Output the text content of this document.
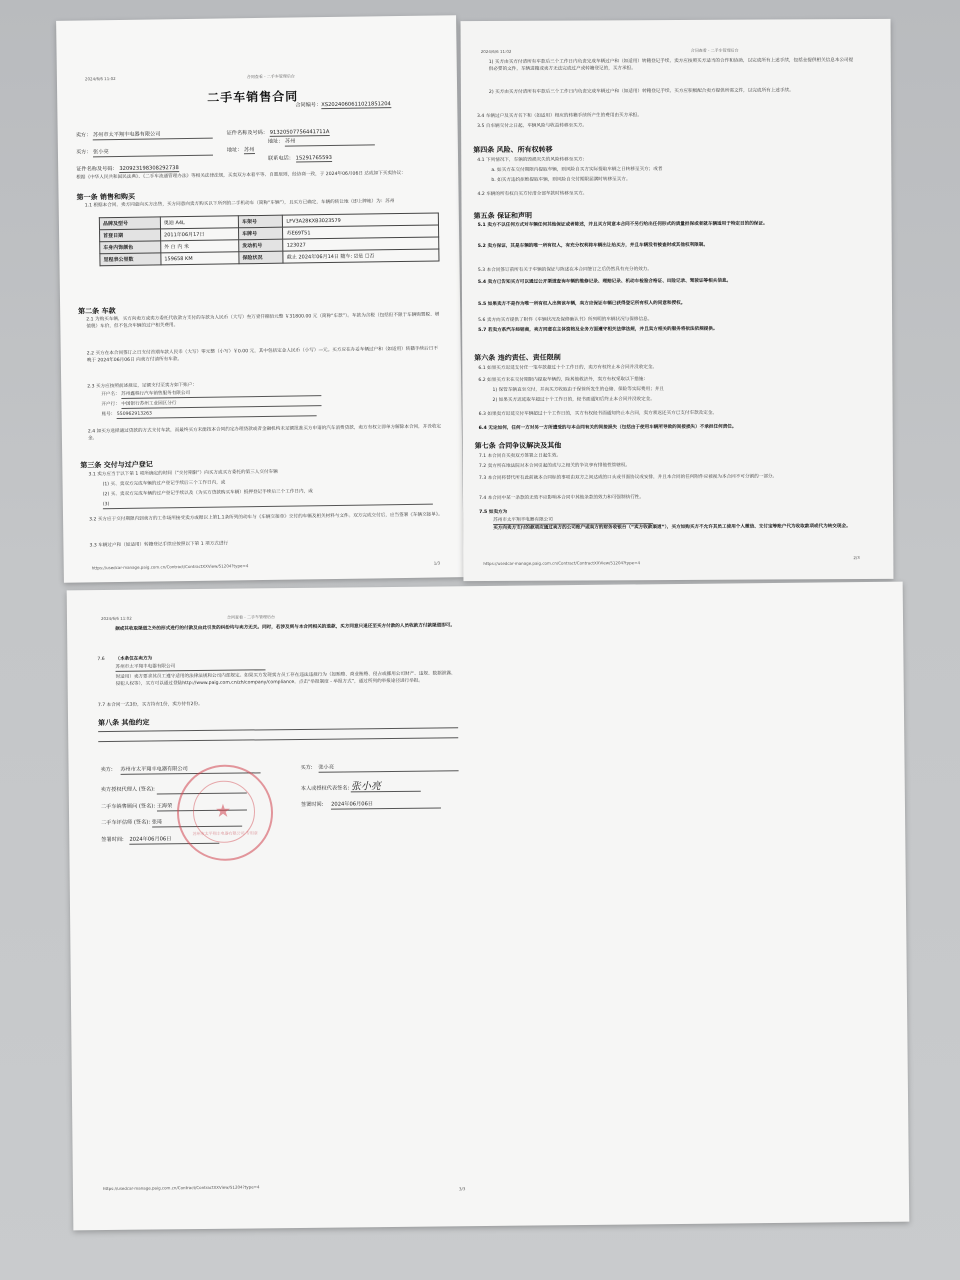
2024/6/6 11:02	合同查看 - 二手车管理后台
二手车销售合同
合同编号：XS2024060611021851204
卖方： 苏州市太平翔丰电器有限公司	证件名称及号码： 91320507756441711A
地址： 苏州
买方： 张小亮	地址： 苏州
联系电话： 15291765593
证件名称及号码： 320923198308292738
根据《中华人民共和国民法典》、《二手车流通管理办法》等相关法律法规，买卖双方本着平等、自愿原则，经协商一致，于 2024年06月06日 达成如下买卖协议：
第一条 销售和购买
1.1 根据本合同，卖方同意向买方出售，买方同意向卖方购买以下所列的二手机动车（简称“车辆”），且买方已确定，车辆的转让地（即上牌地）为：苏州
品牌及型号	奥迪 A4L	车架号	LFV3A28KXB3023579
首登日期	2011年06月17日	车牌号	苏E69T51
车身内饰颜色	外 白 内 米	发动机号	123027
里程表公里数	159658 KM	保险状况	截止 2024年06月14日 随车: ☑是 ☐否
第二条 车款
2.1 为购买车辆，买方向卖方或卖方委托代收款方支付的车款为人民币（大写）叁万壹仟捌佰元整 ￥31800.00 元（简称“车款”）。车款为含税（包括但不限于车辆购置税、增值税）车价，但不包含车辆的过户相关费用。
2.2 买方在本合同签订之日支付首期车款人民币（大写）零元整（小写）￥0.00 元，其中包括定金人民币（小写）—元。买方应在办妥车辆过户和（如适用）转籍手续后日不晚于 2024年06月06日 向卖方付清所有车款。
2.3 买方应按照前述规定，足额支付至卖方如下账户：
开户名： 苏州鑫程行汽车销售服务有限公司
开户行： 中国银行苏州工业园区分行
账号： 550962913263
2.4 如买方选择通过贷款的方式支付车款，而最终买方未能按本合同约定办理贷款或者金融机构未足额批准买方申请的汽车消费贷款，卖方有权立即单方解除本合同，并没收定金。
第三条 交付与过户登记
3.1 卖方应当于以下第 1 项所确定的时间（“交付期限”）向买方或买方委托的第三人交付车辆
(1) 买、卖双方完成车辆的过户登记手续后三个工作日内，或
(2) 买、卖双方完成车辆的过户登记手续以及（为买方贷款购买车辆）抵押登记手续后三个工作日内，或
(3)
3.2 买方应于交付期限内到卖方的工作场所接受卖方或据以上第1.1条所列的动车与《车辆交接单》交付的车辆及相关材料与文件。双方完成交付后，应当签署《车辆交接单》。
3.3 车辆过户和（如适用）转籍登记手续应按照以下第 1 项方式进行
https://usedcar-manage.paig.com.cn/Contract/ContractXXView/51204?type=4
1/3
2024/6/6 11:02	合同查看 - 二手车管理后台
1) 买方由买方付清所有车款后三个工作日内负责完成车辆过户和（如适用）转籍登记手续，卖方应按照买方适当的合作和协助，以完成所有上述手续，包括金提供相关信息本公司提供必要的文件，车辆进籍或卖方无法完成过户或转籍登记的，买方承担。
2) 买方由买方付清所有车款后三个工作日内负责完成车辆过户和（如适用）转籍登记手续，买方应积极配合卖方提供所需文件，以完成所有上述手续。
3.4 车辆过户及买方名下和（如适用）相应的转籍手续所产生的费用由买方承担。
3.5 自车辆交付之日起，车辆风险与收益转移至买方。
第四条 风险、所有权转移
4.1 下列情况下，车辆的毁损灭失的风险转移至买方：
a. 如买方在交付期限内提取车辆，则风险自买方实际提取车辆之日转移至买方；或者
b. 如买方违约拒绝提取车辆，则风险自交付期限届满时转移至买方。
4.2 车辆的所有权自买方付清全部车款时转移至买方。
第五条 保证和声明
5.1 卖方不以任何方式对车辆任何其他保证或者陈述，并且买方同意本合同不另行给出任何形式的质量担保或者就车辆适用于特定目的的保证。
5.2 卖方保证，其是车辆的唯一所有权人，有充分权利将车辆出让给买方，并且车辆没有被查封或其他权利限制。
5.3 本合同签订前所有关于车辆的保证与陈述在本合同签订之后仍然具有充分的效力。
5.4 卖方已告知买方可以通过公开渠道查询车辆的维修记录、理赔记录、机动车检验合格证、出险记录、驾驶证等相关信息。
5.5 如果卖方不是作为唯一所有权人出售该车辆，卖方应保证车辆已获得登记所有权人的同意和授权。
5.6 卖方向买方提供了附件《车辆状况及保修确认书》所列明的车辆状况与保修信息。
5.7 若卖方系汽车经销商，卖方同意在主体资格及业务方面遵守相关法律法规，并且卖方相关的服务将依法依规提供。
第六条 违约责任、责任限制
6.1 如果买方迟延支付任一笔车款超过十个工作日的，卖方有权终止本合同并没收定金。
6.2 如果买方未在交付期限内提取车辆的，除其他救济外，卖方有权采取以下措施：
1) 保管车辆直至交付，并向买方收取由于保管所发生的仓储、保险等实际费用；并且
2) 如果买方迟延取车超过十个工作日的，经书面通知后终止本合同并没收定金。
6.3 如果卖方迟延交付车辆超过十个工作日的，买方有权经书面通知终止本合同，卖方须返还买方已支付车款及定金。
6.4 无论如何，任何一方对另一方所遭受的与本合同有关的间接损失（包括由于使用车辆所导致的间接损失）不承担任何责任。
第七条 合同争议解决及其他
7.1 本合同自买卖双方签署之日起生效。
7.2 卖方所在地法院对本合同引起的或与之相关的争议享有排他性管辖权。
7.3 本合同将替代所有此前就本合同标的事项由双方之间达成的口头或书面协议或安排，并且本合同的任何附件应被视为本合同不可分割的一部分。
7.4 本合同中某一条款的无效不应影响本合同中其他条款的效力和可强制执行性。
7.5 如卖方为
苏州市太平翔丰电器有限公司
买方向卖方支付的款项应通过卖方的公司账户或卖方的财务收银台（“卖方收款渠道”），买方如购买方不允许其员工使用个人微信、支付宝等账户代为收取款项或代为转交现金。
https://usedcar-manage.paig.com.cn/Contract/ContractXXView/51204?type=4
2/3
2024/6/6 11:02	合同查看 - 二手车管理后台
据或其收取渠道之外的形式进行的付款及由此引发的纠纷均与卖方无关。同时，若涉及到与本合同相关的退款，买方同意只退还至买方付款的人员收款方付款渠道即可。
7.6 （本条仅在卖方为
苏州市太平翔丰电器有限公司
时适用）卖方要求其员工遵守适用的法律法规和公司内部规定。如果买方发现卖方员工存在违法违规行为（如贿赂、商业贿赂、侵占或挪用公司财产、违规、数据泄露、侵犯人权等），买方可以通过登陆http://www.paig.com.cn/zh/company/compliance，点击“举报制度 - 举报方式”，通过所列的举报途径进行举报。
7.7 本合同一式3份，买方持有1份，卖方持有2份。
第八条 其他约定
卖方: 苏州市太平翔丰电器有限公司
卖方授权代理人 (签名):
二手车销售顾问 (签名): 王海荣
二手车评估师 (签名): 张琦
签署时间: 2024年06月06日
★
苏州市太平翔丰电器有限公司 专用章
买方: 张小亮
本人或授权代表签名: 张小亮
签署时间: 2024年06月06日
https://usedcar-manage.paig.com.cn/Contract/ContractXXView/51204?type=4	3/3
